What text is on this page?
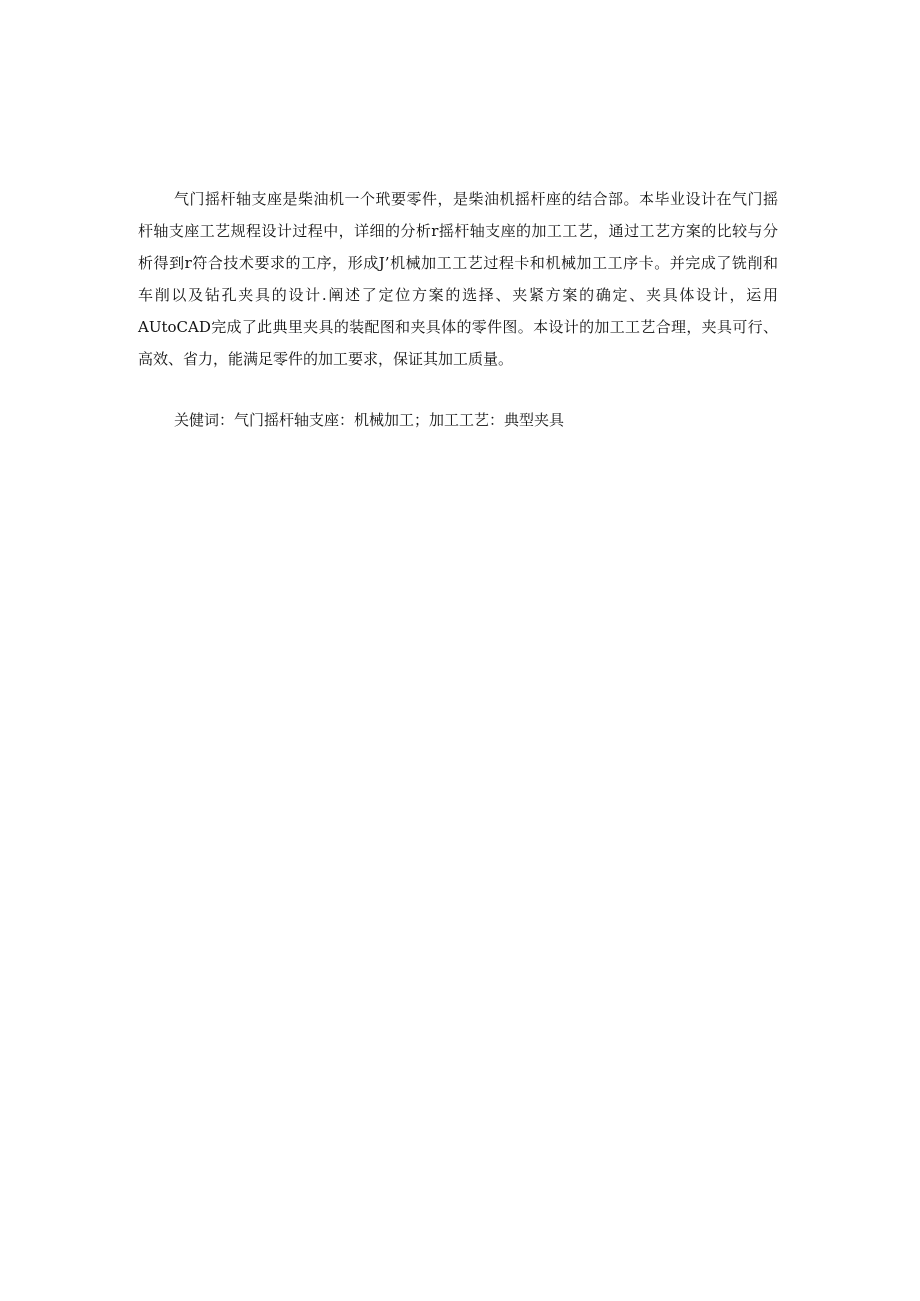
气门摇杆轴支座是柴油机一个玳要零件，是柴油机摇杆座的结合部。本毕业设计在气门摇
杆轴支座工艺规程设计过程中，详细的分析r摇杆轴支座的加工工艺，通过工艺方案的比较与分
析得到r符合技术要求的工序，形成J’机械加工工艺过程卡和机械加工工序卡。并完成了铣削和
车削以及钻孔夹具的设计.阐述了定位方案的选择、夹紧方案的确定、夹具体设计，运用
AUtoCAD完成了此典里夹具的装配图和夹具体的零件图。本设计的加工工艺合理，夹具可行、
高效、省力，能满足零件的加工要求，保证其加工质量。
关健词：气门摇杆轴支座：机械加工；加工工艺：典型夹具
